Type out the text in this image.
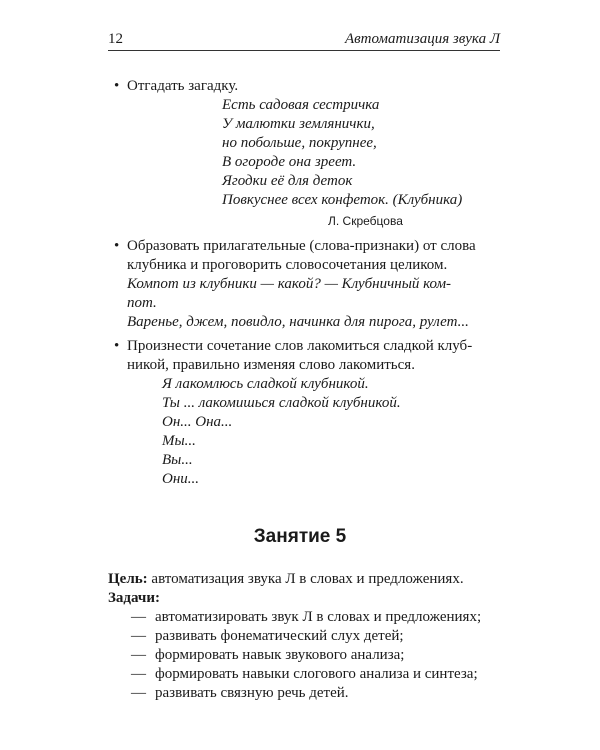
12	Автоматизация звука Л
• Отгадать загадку.
Есть садовая сестричка
У малютки землянички,
но побольше, покрупнее,
В огороде она зреет.
Ягодки её для деток
Повкуснее всех конфеток. (Клубника)
Л. Скребцова
• Образовать прилагательные (слова-признаки) от слова
клубника и проговорить словосочетания целиком.
Компот из клубники — какой? — Клубничный ком-
пот.
Варенье, джем, повидло, начинка для пирога, рулет...
• Произнести сочетание слов лакомиться сладкой клуб-
никой, правильно изменяя слово лакомиться.
Я лакомлюсь сладкой клубникой.
Ты ... лакомишься сладкой клубникой.
Он... Она...
Мы...
Вы...
Они...
Занятие 5
Цель: автоматизация звука Л в словах и предложениях.
Задачи:
— автоматизировать звук Л в словах и предложениях;
— развивать фонематический слух детей;
— формировать навык звукового анализа;
— формировать навыки слогового анализа и синтеза;
— развивать связную речь детей.
